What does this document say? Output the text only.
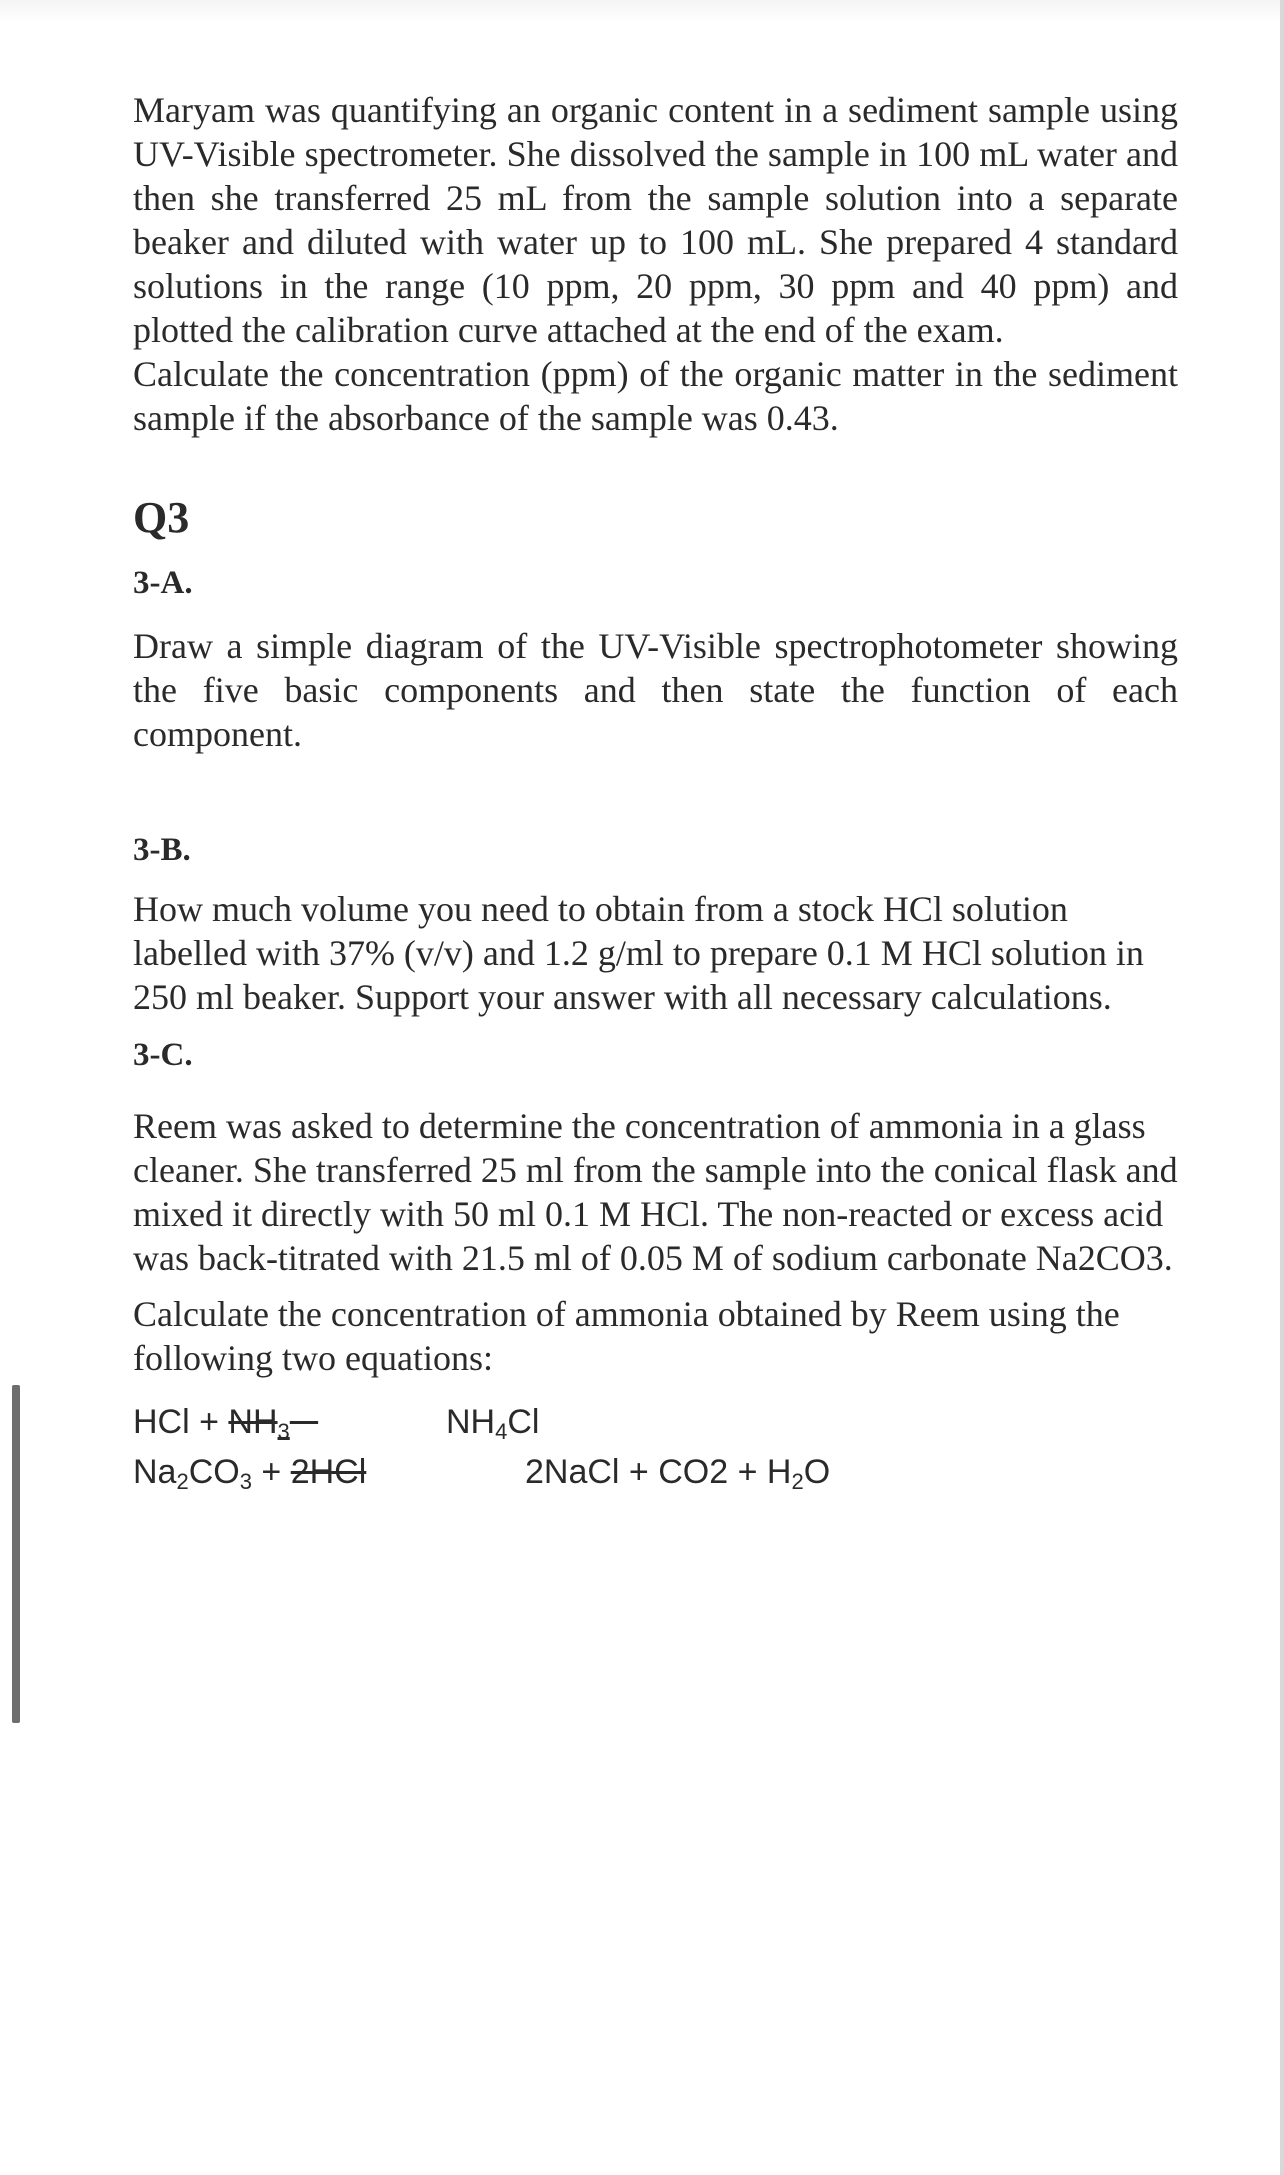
Maryam was quantifying an organic content in a sediment sample using UV-Visible spectrometer. She dissolved the sample in 100 mL water and then she transferred 25 mL from the sample solution into a separate beaker and diluted with water up to 100 mL. She prepared 4 standard solutions in the range (10 ppm, 20 ppm, 30 ppm and 40 ppm) and plotted the calibration curve attached at the end of the exam.

Calculate the concentration (ppm) of the organic matter in the sediment sample if the absorbance of the sample was 0.43.

Q3

3-A.

Draw a simple diagram of the UV-Visible spectrophotometer showing the five basic components and then state the function of each component.

3-B.

How much volume you need to obtain from a stock HCl solution labelled with 37% (v/v) and 1.2 g/ml to prepare 0.1 M HCl solution in 250 ml beaker. Support your answer with all necessary calculations.

3-C.

Reem was asked to determine the concentration of ammonia in a glass cleaner. She transferred 25 ml from the sample into the conical flask and mixed it directly with 50 ml 0.1 M HCl. The non-reacted or excess acid was back-titrated with 21.5 ml of 0.05 M of sodium carbonate Na2CO3.

Calculate the concentration of ammonia obtained by Reem using the following two equations:

HCl + $NH_3$	$NH_4Cl$
$Na_2CO_3 + 2HCl$	2NaCl + $CO2 + H_2O$
